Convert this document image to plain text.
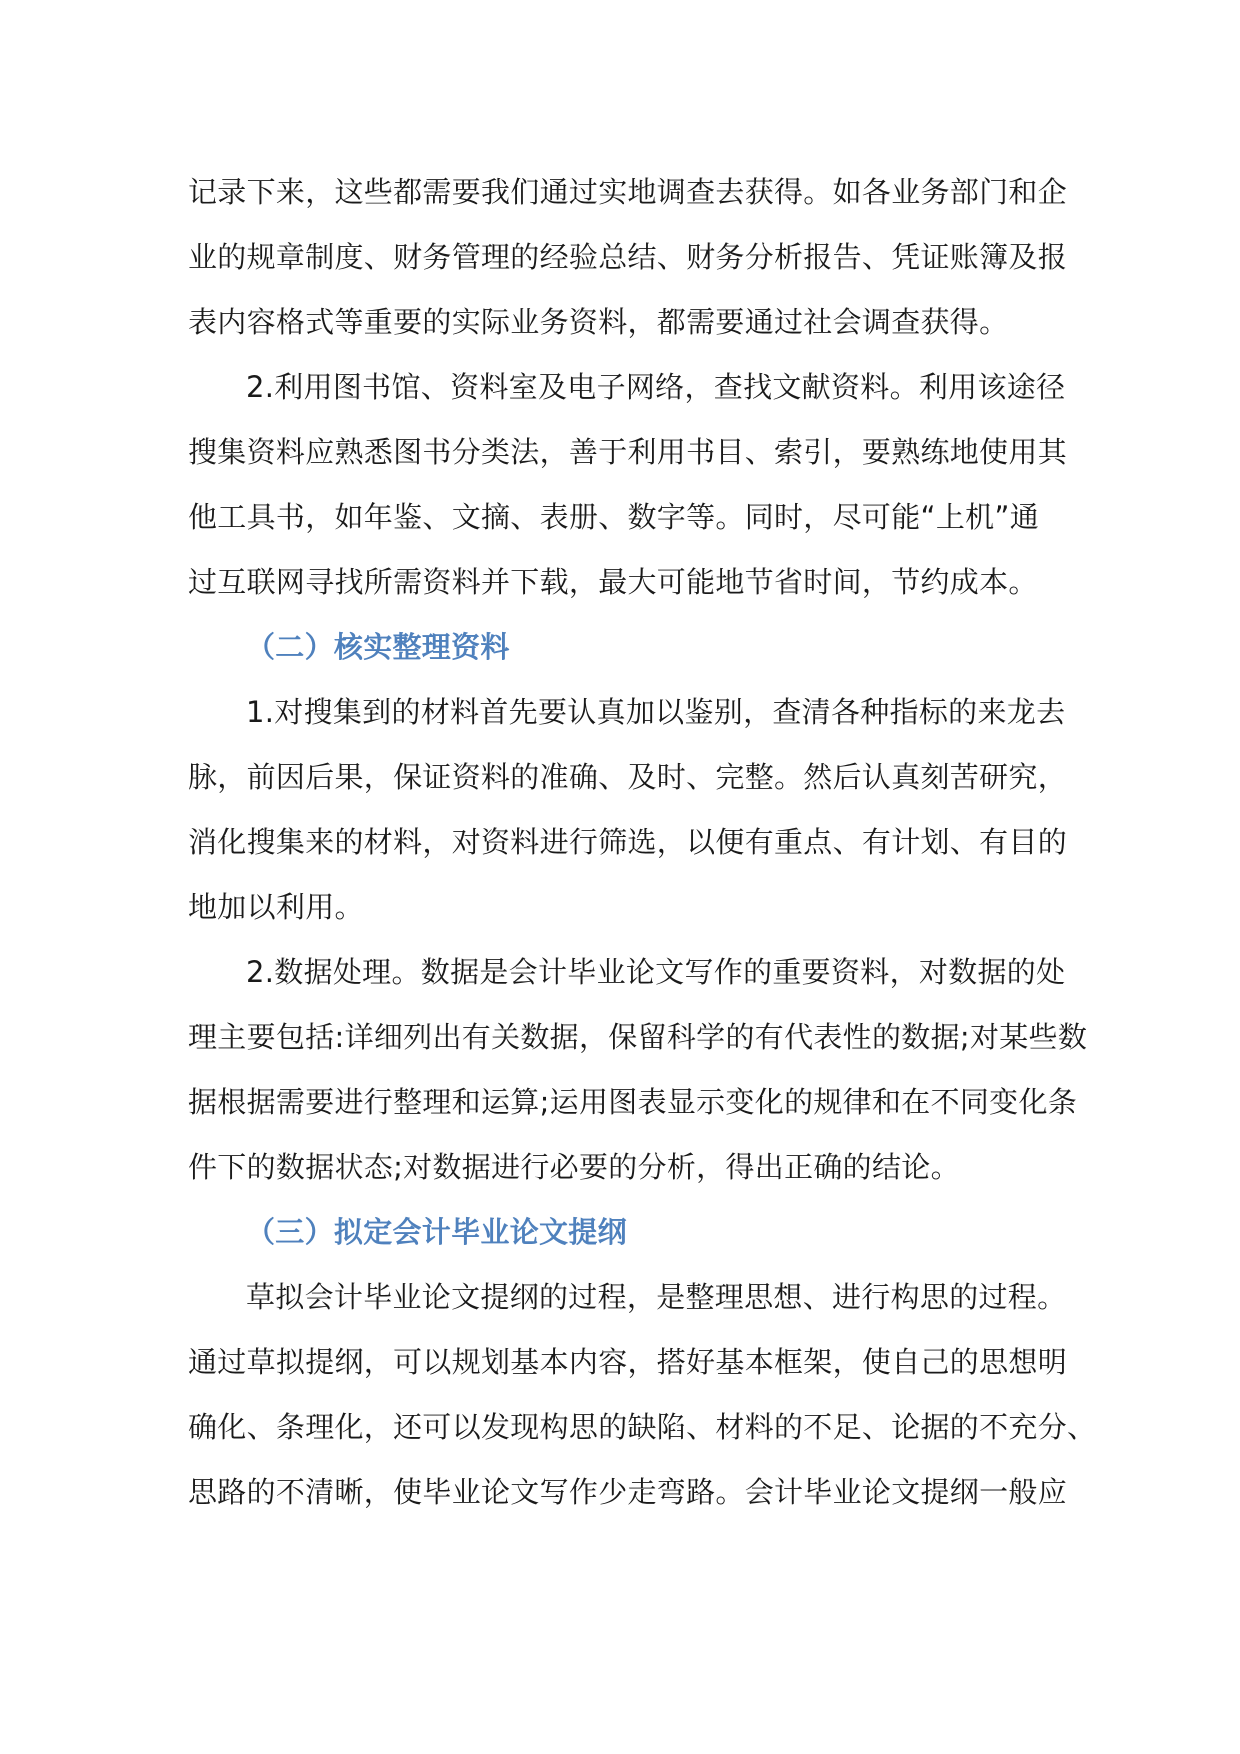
记录下来，这些都需要我们通过实地调查去获得。如各业务部门和企
业的规章制度、财务管理的经验总结、财务分析报告、凭证账簿及报
表内容格式等重要的实际业务资料，都需要通过社会调查获得。
2.利用图书馆、资料室及电子网络，查找文献资料。利用该途径
搜集资料应熟悉图书分类法，善于利用书目、索引，要熟练地使用其
他工具书，如年鉴、文摘、表册、数字等。同时，尽可能“上机”通
过互联网寻找所需资料并下载，最大可能地节省时间，节约成本。
（二）核实整理资料
1.对搜集到的材料首先要认真加以鉴别，查清各种指标的来龙去
脉，前因后果，保证资料的准确、及时、完整。然后认真刻苦研究，
消化搜集来的材料，对资料进行筛选，以便有重点、有计划、有目的
地加以利用。
2.数据处理。数据是会计毕业论文写作的重要资料，对数据的处
理主要包括:详细列出有关数据，保留科学的有代表性的数据;对某些数
据根据需要进行整理和运算;运用图表显示变化的规律和在不同变化条
件下的数据状态;对数据进行必要的分析，得出正确的结论。
（三）拟定会计毕业论文提纲
草拟会计毕业论文提纲的过程，是整理思想、进行构思的过程。
通过草拟提纲，可以规划基本内容，搭好基本框架，使自己的思想明
确化、条理化，还可以发现构思的缺陷、材料的不足、论据的不充分、
思路的不清晰，使毕业论文写作少走弯路。会计毕业论文提纲一般应
